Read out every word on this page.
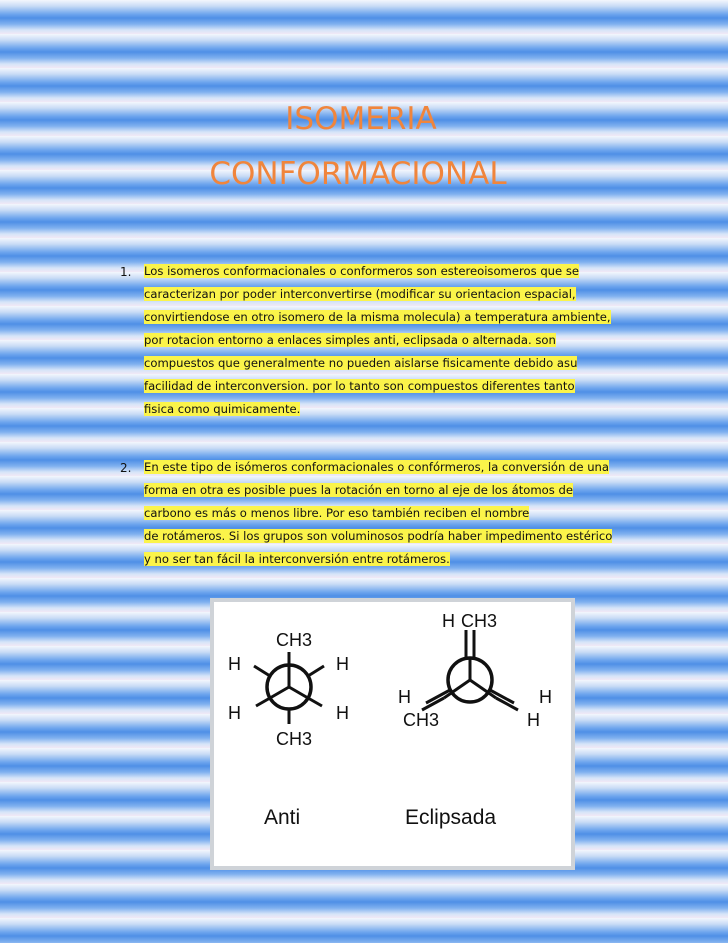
ISOMERIA
CONFORMACIONAL
1. Los isomeros conformacionales o conformeros son estereoisomeros que se
caracterizan por poder interconvertirse (modificar su orientacion espacial,
convirtiendose en otro isomero de la misma molecula) a temperatura ambiente,
por rotacion entorno a enlaces simples anti, eclipsada o alternada. son
compuestos que generalmente no pueden aislarse fisicamente debido asu
facilidad de interconversion. por lo tanto son compuestos diferentes tanto
fisica como quimicamente.
2. En este tipo de isómeros conformacionales o confórmeros, la conversión de una
forma en otra es posible pues la rotación en torno al eje de los átomos de
carbono es más o menos libre. Por eso también reciben el nombre
de rotámeros. Si los grupos son voluminosos podría haber impedimento estérico
y no ser tan fácil la interconversión entre rotámeros.
CH3
H	H
H	H
CH3
Anti
H CH3
H
CH3
H
H
Eclipsada
